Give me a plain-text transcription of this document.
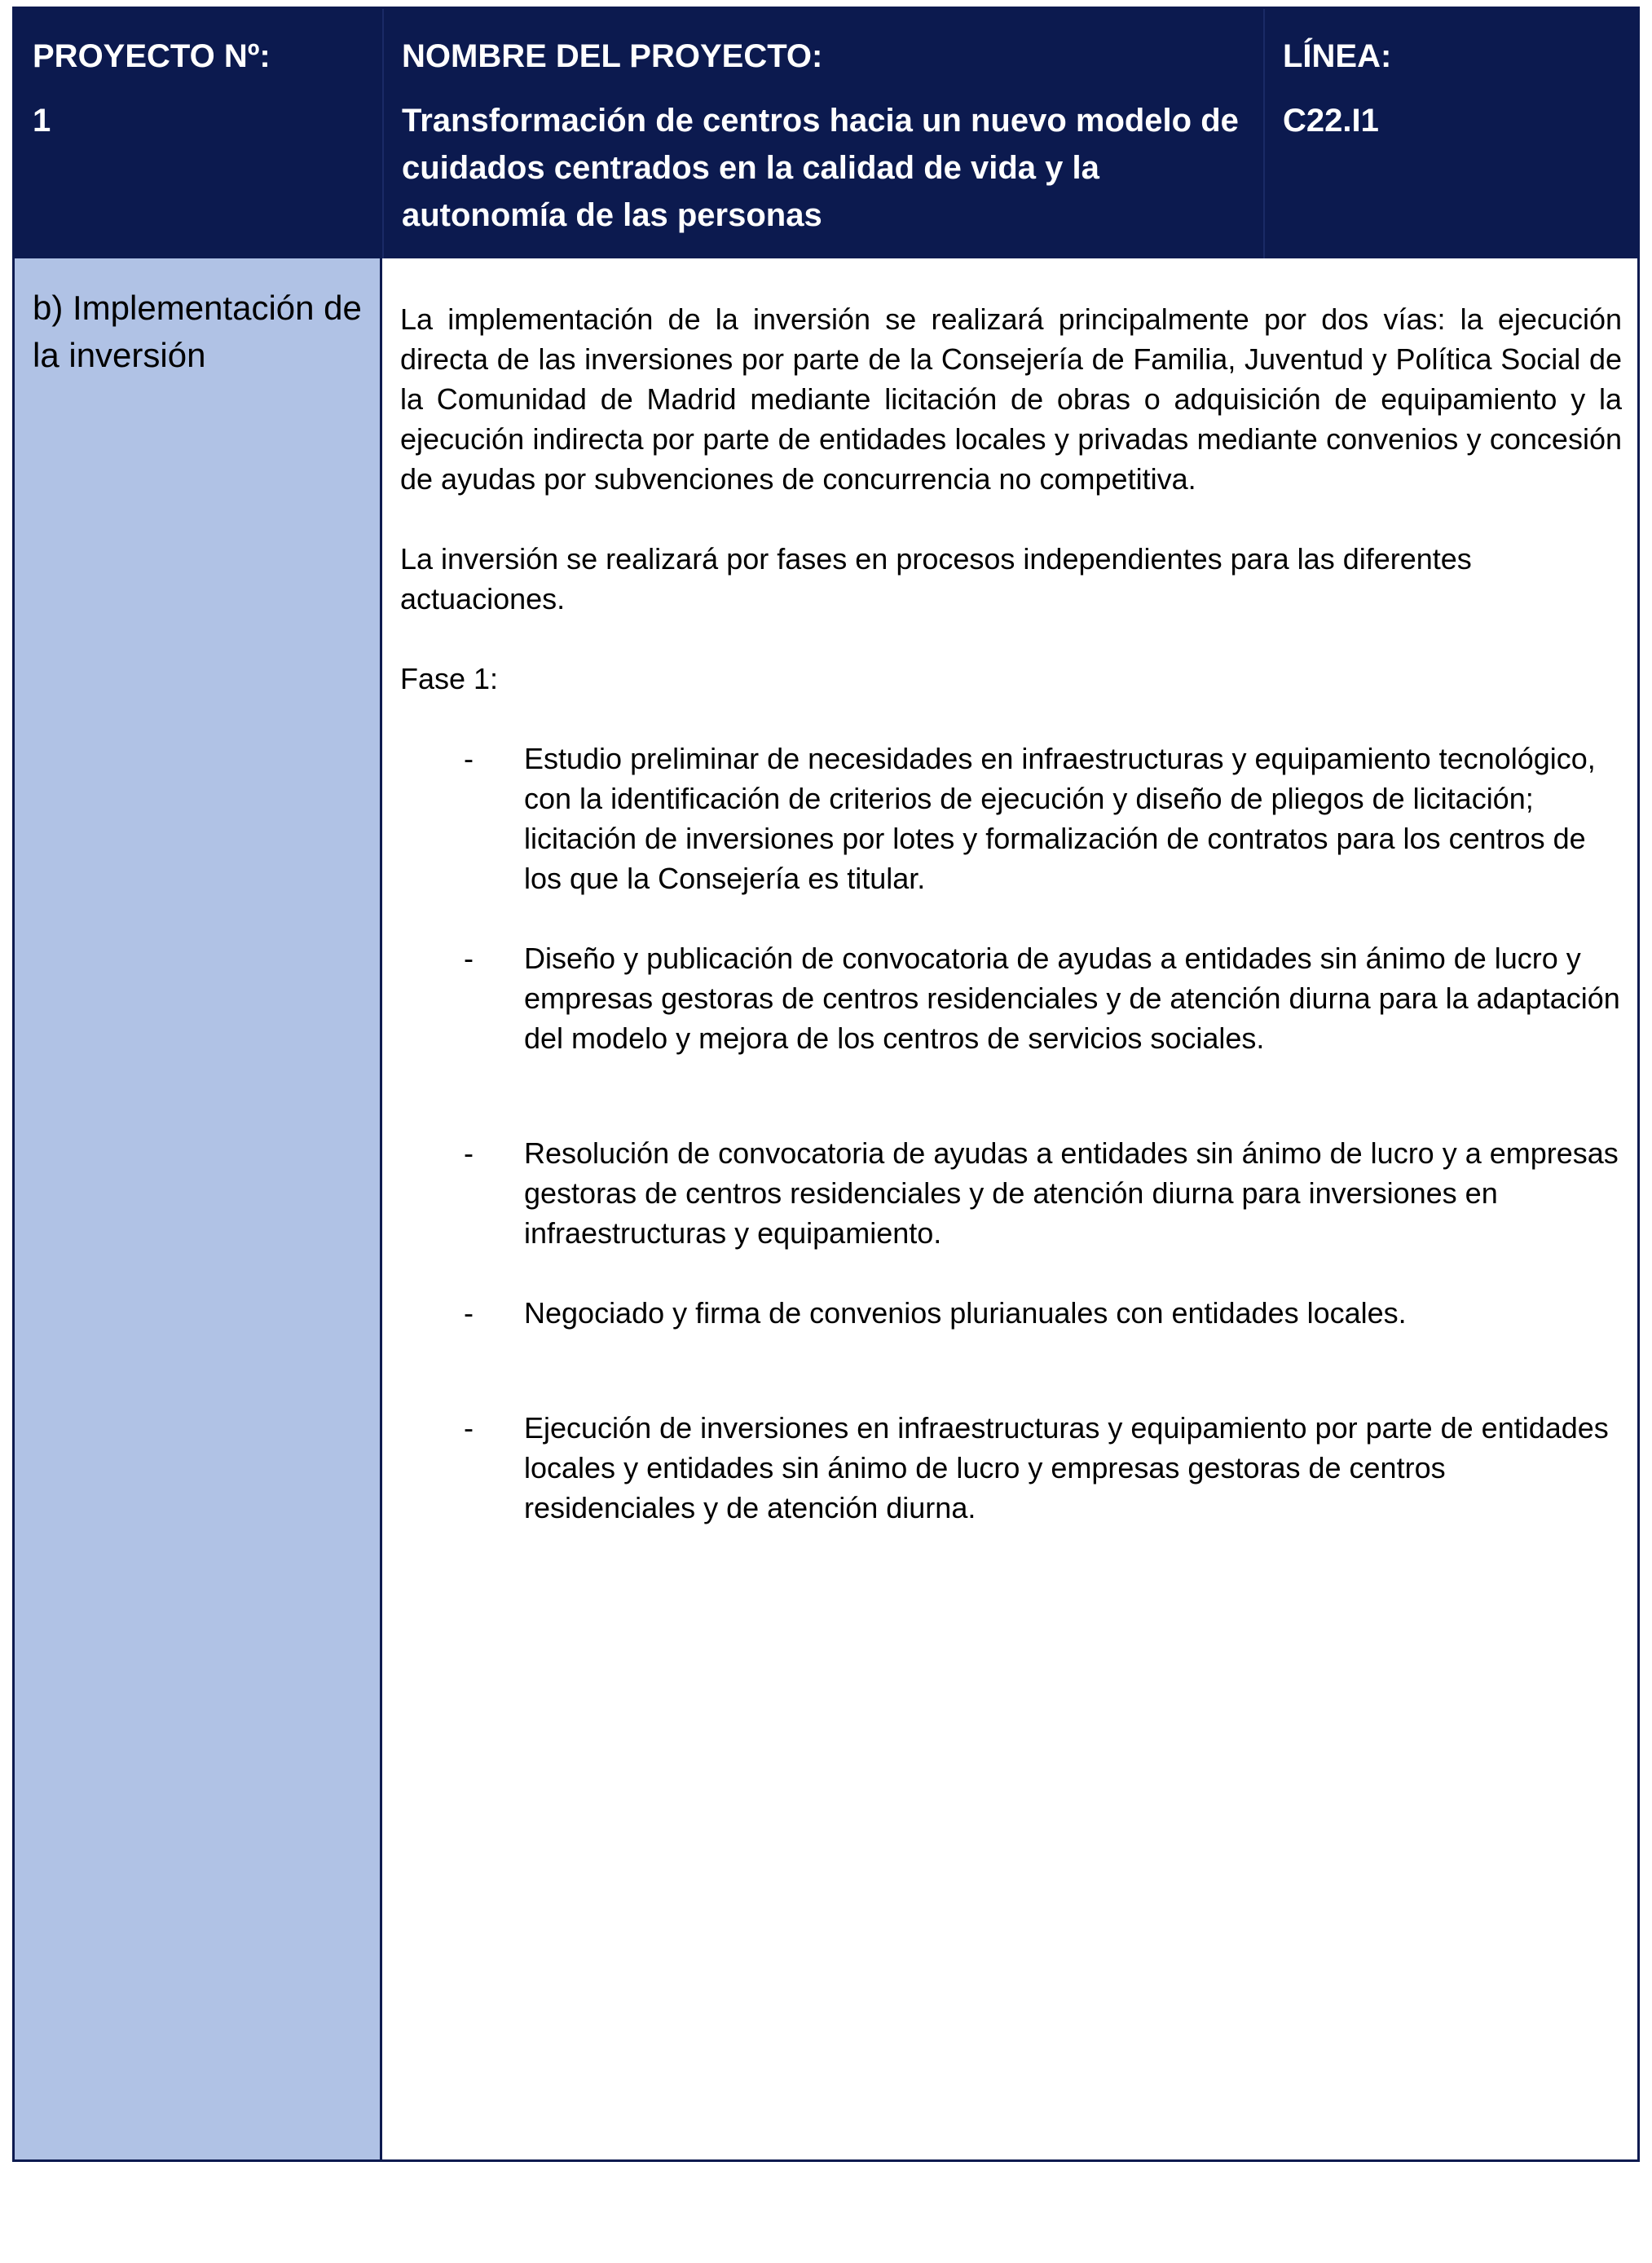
PROYECTO Nº:
1
NOMBRE DEL PROYECTO:
Transformación de centros hacia un nuevo modelo de cuidados centrados en la calidad de vida y la autonomía de las personas
LÍNEA:
C22.I1

b) Implementación de la inversión

La implementación de la inversión se realizará principalmente por dos vías: la ejecución directa de las inversiones por parte de la Consejería de Familia, Juventud y Política Social de la Comunidad de Madrid mediante licitación de obras o adquisición de equipamiento y la ejecución indirecta por parte de entidades locales y privadas mediante convenios y concesión de ayudas por subvenciones de concurrencia no competitiva.

La inversión se realizará por fases en procesos independientes para las diferentes actuaciones.

Fase 1:

- Estudio preliminar de necesidades en infraestructuras y equipamiento tecnológico, con la identificación de criterios de ejecución y diseño de pliegos de licitación; licitación de inversiones por lotes y formalización de contratos para los centros de los que la Consejería es titular.
- Diseño y publicación de convocatoria de ayudas a entidades sin ánimo de lucro y empresas gestoras de centros residenciales y de atención diurna para la adaptación del modelo y mejora de los centros de servicios sociales.
- Resolución de convocatoria de ayudas a entidades sin ánimo de lucro y a empresas gestoras de centros residenciales y de atención diurna para inversiones en infraestructuras y equipamiento.
- Negociado y firma de convenios plurianuales con entidades locales.
- Ejecución de inversiones en infraestructuras y equipamiento por parte de entidades locales y entidades sin ánimo de lucro y empresas gestoras de centros residenciales y de atención diurna.
